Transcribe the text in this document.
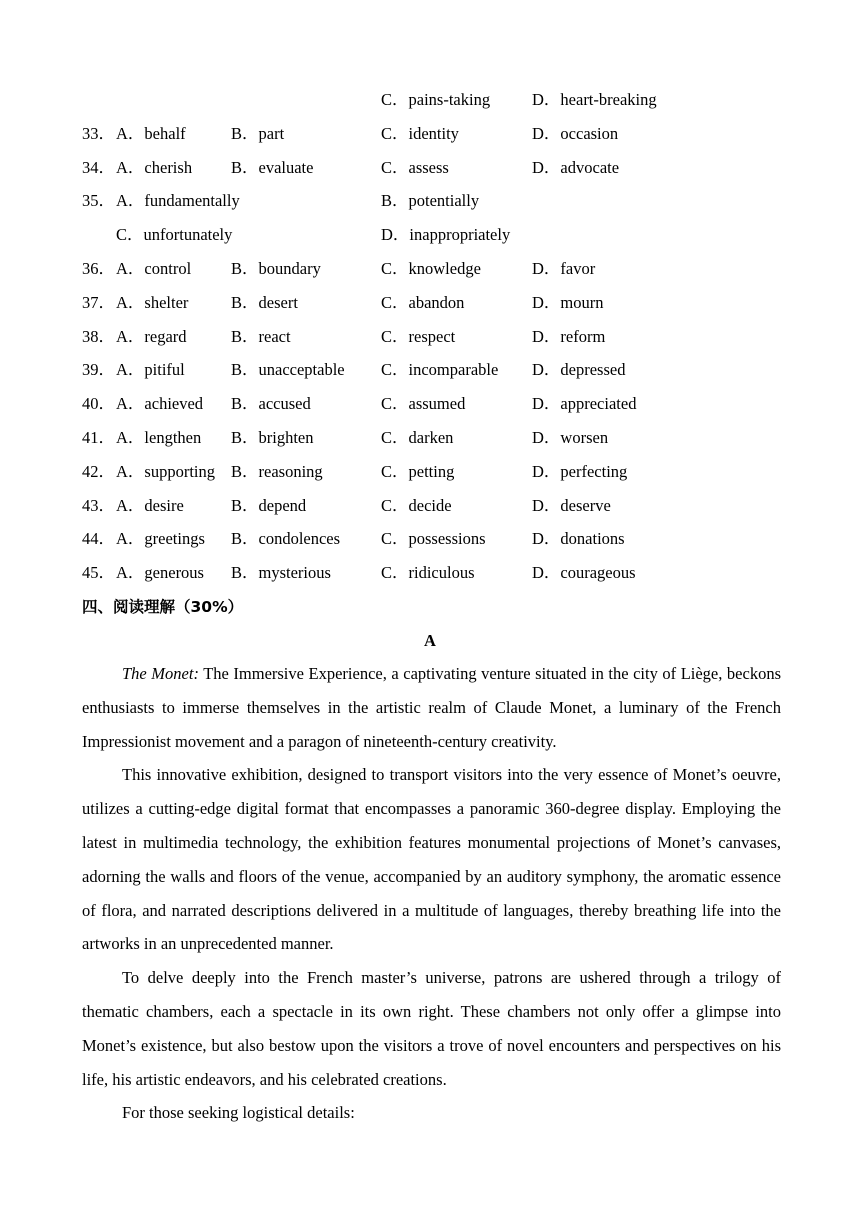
C．pains-taking	D．heart-breaking
33． A．behalf	B．part	C．identity	D．occasion
34． A．cherish B．evaluate	C．assess	D．advocate
35． A．fundamentally	B．potentially
C．unfortunately	D．inappropriately
36． A．control B．boundary	C．knowledge	D．favor
37． A．shelter	B．desert	C．abandon	D．mourn
38． A．regard	B．react	C．respect	D．reform
39． A．pitiful	B．unacceptable C．incomparable D．depressed
40． A．achieved B．accused	C．assumed	D．appreciated
41． A．lengthen B．brighten	C．darken	D．worsen
42． A．supporting B．reasoning	C．petting	D．perfecting
43． A．desire	B．depend	C．decide	D．deserve
44． A．greetings B．condolences C．possessions	D．donations
45． A．generous B．mysterious	C．ridiculous	D．courageous
四、阅读理解（30%）
A

The Monet: The Immersive Experience, a captivating venture situated in the city of Liège, beckons enthusiasts to immerse themselves in the artistic realm of Claude Monet, a luminary of the French Impressionist movement and a paragon of nineteenth-century creativity.

This innovative exhibition, designed to transport visitors into the very essence of Monet’s oeuvre, utilizes a cutting-edge digital format that encompasses a panoramic 360-degree display. Employing the latest in multimedia technology, the exhibition features monumental projections of Monet’s canvases, adorning the walls and floors of the venue, accompanied by an auditory symphony, the aromatic essence of flora, and narrated descriptions delivered in a multitude of languages, thereby breathing life into the artworks in an unprecedented manner.

To delve deeply into the French master’s universe, patrons are ushered through a trilogy of thematic chambers, each a spectacle in its own right. These chambers not only offer a glimpse into Monet’s existence, but also bestow upon the visitors a trove of novel encounters and perspectives on his life, his artistic endeavors, and his celebrated creations.

For those seeking logistical details:
